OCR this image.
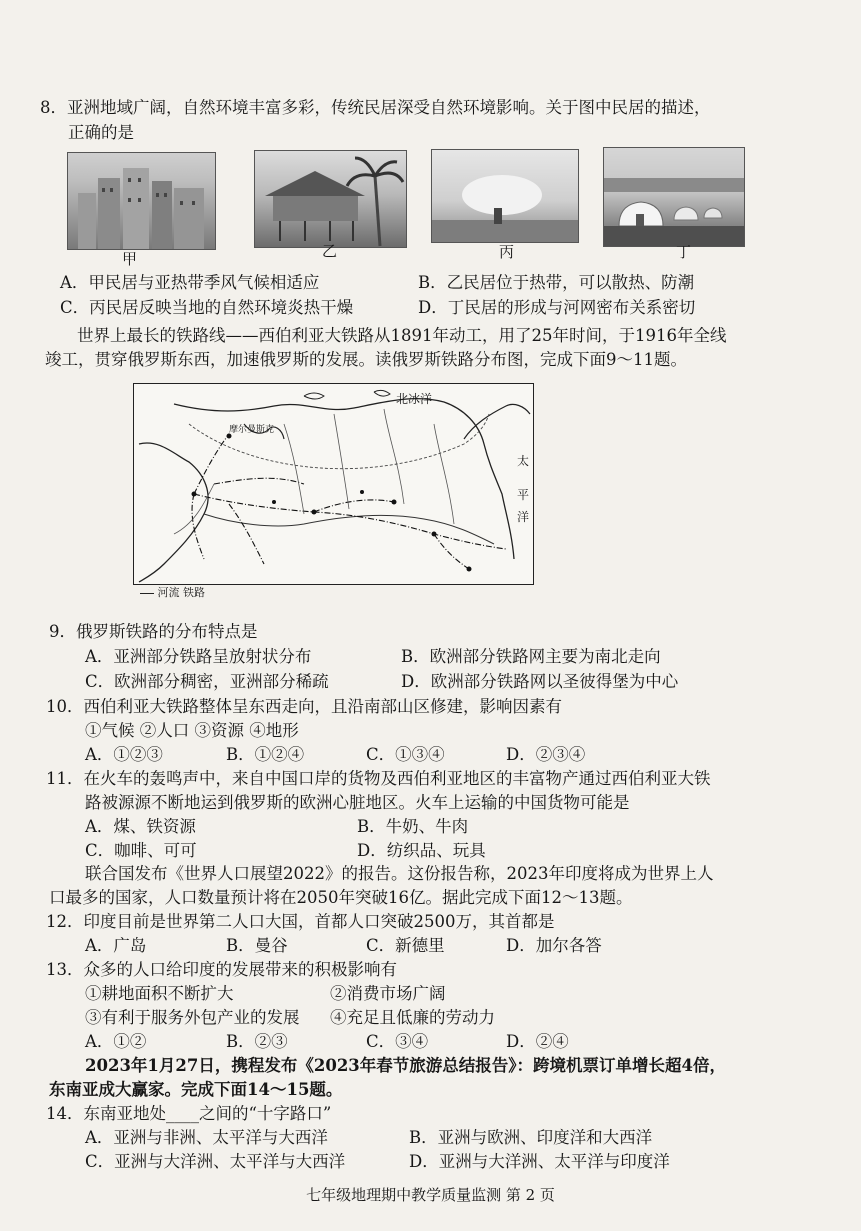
8．亚洲地域广阔，自然环境丰富多彩，传统民居深受自然环境影响。关于图中民居的描述，
正确的是
甲	乙	丙	丁
A．甲民居与亚热带季风气候相适应	B．乙民居位于热带，可以散热、防潮
C．丙民居反映当地的自然环境炎热干燥	D．丁民居的形成与河网密布关系密切
世界上最长的铁路线——西伯利亚大铁路从1891年动工，用了25年时间，于1916年全线
竣工，贯穿俄罗斯东西，加速俄罗斯的发展。读俄罗斯铁路分布图，完成下面9～11题。
北冰洋
摩尔曼斯克
太
平
洋
河流 铁路
9．俄罗斯铁路的分布特点是
A．亚洲部分铁路呈放射状分布	B．欧洲部分铁路网主要为南北走向
C．欧洲部分稠密，亚洲部分稀疏	D．欧洲部分铁路网以圣彼得堡为中心
10．西伯利亚大铁路整体呈东西走向，且沿南部山区修建，影响因素有
①气候 ②人口 ③资源 ④地形
A．①②③	B．①②④	C．①③④	D．②③④
11．在火车的轰鸣声中，来自中国口岸的货物及西伯利亚地区的丰富物产通过西伯利亚大铁
路被源源不断地运到俄罗斯的欧洲心脏地区。火车上运输的中国货物可能是
A．煤、铁资源	B．牛奶、牛肉
C．咖啡、可可	D．纺织品、玩具
联合国发布《世界人口展望2022》的报告。这份报告称，2023年印度将成为世界上人
口最多的国家，人口数量预计将在2050年突破16亿。据此完成下面12～13题。
12．印度目前是世界第二人口大国，首都人口突破2500万，其首都是
A．广岛	B．曼谷	C．新德里	D．加尔各答
13．众多的人口给印度的发展带来的积极影响有
①耕地面积不断扩大	②消费市场广阔
③有利于服务外包产业的发展 ④充足且低廉的劳动力
A．①②	B．②③	C．③④	D．②④
2023年1月27日，携程发布《2023年春节旅游总结报告》：跨境机票订单增长超4倍，
东南亚成大赢家。完成下面14～15题。
14．东南亚地处____之间的“十字路口”
A．亚洲与非洲、太平洋与大西洋	B．亚洲与欧洲、印度洋和大西洋
C．亚洲与大洋洲、太平洋与大西洋	D．亚洲与大洋洲、太平洋与印度洋
七年级地理期中教学质量监测 第 2 页
